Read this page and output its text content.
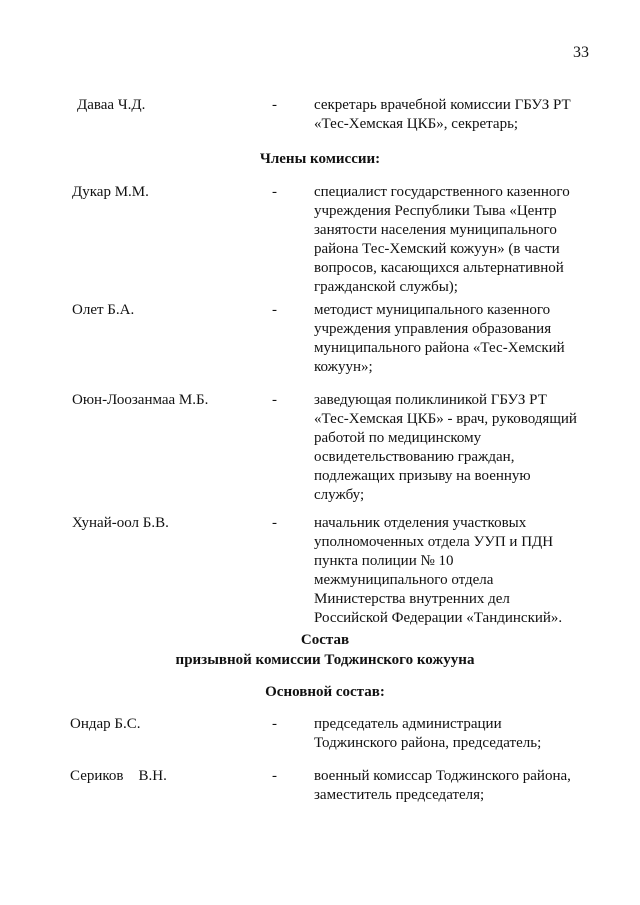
33
Даваа Ч.Д.	- секретарь врачебной комиссии ГБУЗ РТ «Тес-Хемская ЦКБ», секретарь;
Члены комиссии:
Дукар М.М.	- специалист государственного казенного учреждения Республики Тыва «Центр занятости населения муниципального района Тес-Хемский кожуун» (в части вопросов, касающихся альтернативной гражданской службы);
Олет Б.А.	- методист муниципального казенного учреждения управления образования муниципального района «Тес-Хемский кожуун»;
Оюн-Лоозанмаа М.Б.	- заведующая поликлиникой ГБУЗ РТ «Тес-Хемская ЦКБ» - врач, руководящий работой по медицинскому освидетельствованию граждан, подлежащих призыву на военную службу;
Хунай-оол Б.В.	- начальник отделения участковых уполномоченных отдела УУП и ПДН пункта полиции № 10 межмуниципального отдела Министерства внутренних дел Российской Федерации «Тандинский».
Состав
призывной комиссии Тоджинского кожууна
Основной состав:
Ондар Б.С.	- председатель администрации Тоджинского района, председатель;
Сериков    В.Н.	- военный комиссар Тоджинского района, заместитель председателя;
